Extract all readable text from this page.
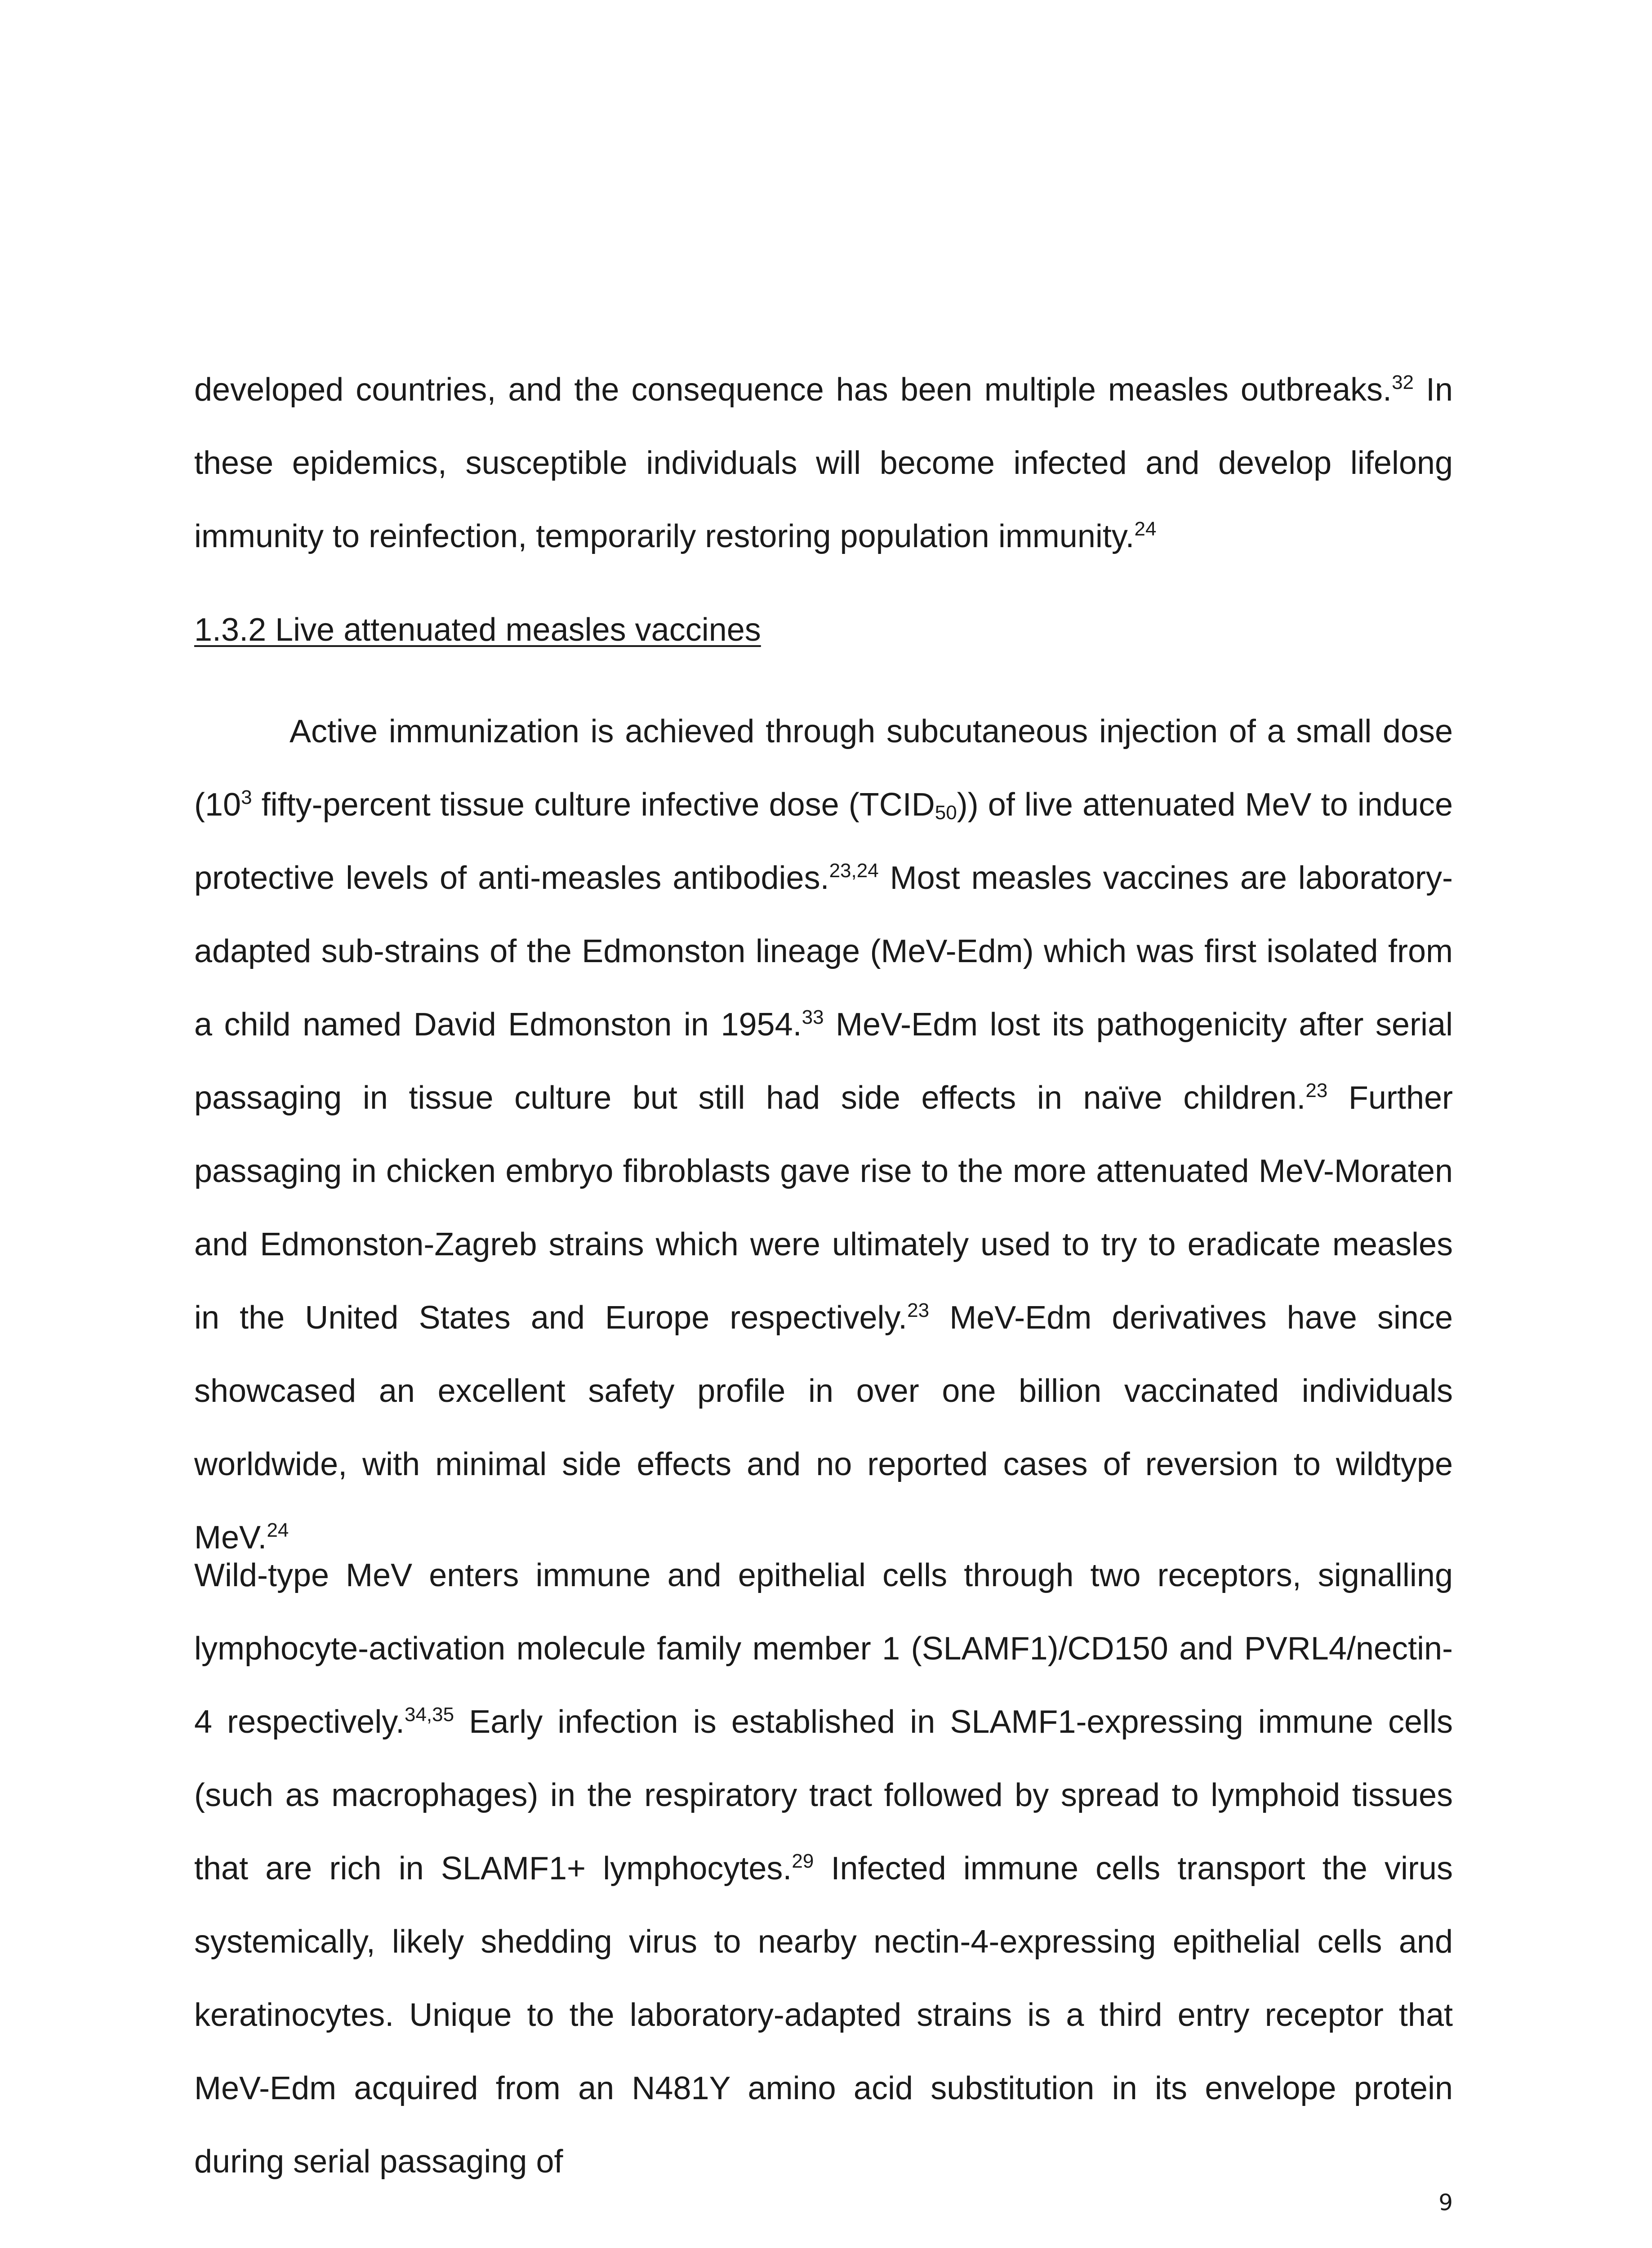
developed countries, and the consequence has been multiple measles outbreaks.$^{32}$ In these epidemics, susceptible individuals will become infected and develop lifelong immunity to reinfection, temporarily restoring population immunity.$^{24}$

1.3.2 Live attenuated measles vaccines

Active immunization is achieved through subcutaneous injection of a small dose ($10^3$ fifty-percent tissue culture infective dose $(TCID_{50})$) of live attenuated MeV to induce protective levels of anti-measles antibodies.$^{23,24}$ Most measles vaccines are laboratory-adapted sub-strains of the Edmonston lineage (MeV-Edm) which was first isolated from a child named David Edmonston in 1954.33 MeV-Edm lost its pathogenicity after serial passaging in tissue culture but still had side effects in naïve children.$^{23}$ Further passaging in chicken embryo fibroblasts gave rise to the more attenuated MeV-Moraten and Edmonston-Zagreb strains which were ultimately used to try to eradicate measles in the United States and Europe respectively.$^{23}$ MeV-Edm derivatives have since showcased an excellent safety profile in over one billion vaccinated individuals worldwide, with minimal side effects and no reported cases of reversion to wildtype MeV.$^{24}$

Wild-type MeV enters immune and epithelial cells through two receptors, signalling lymphocyte-activation molecule family member 1 (SLAMF1)/CD150 and PVRL4/nectin-4 respectively.$^{34,35}$ Early infection is established in SLAMF1-expressing immune cells (such as macrophages) in the respiratory tract followed by spread to lymphoid tissues that are rich in SLAMF1+ lymphocytes.$^{29}$ Infected immune cells transport the virus systemically, likely shedding virus to nearby nectin-4-expressing epithelial cells and keratinocytes. Unique to the laboratory-adapted strains is a third entry receptor that MeV-Edm acquired from an N481Y amino acid substitution in its envelope protein during serial passaging of

9
